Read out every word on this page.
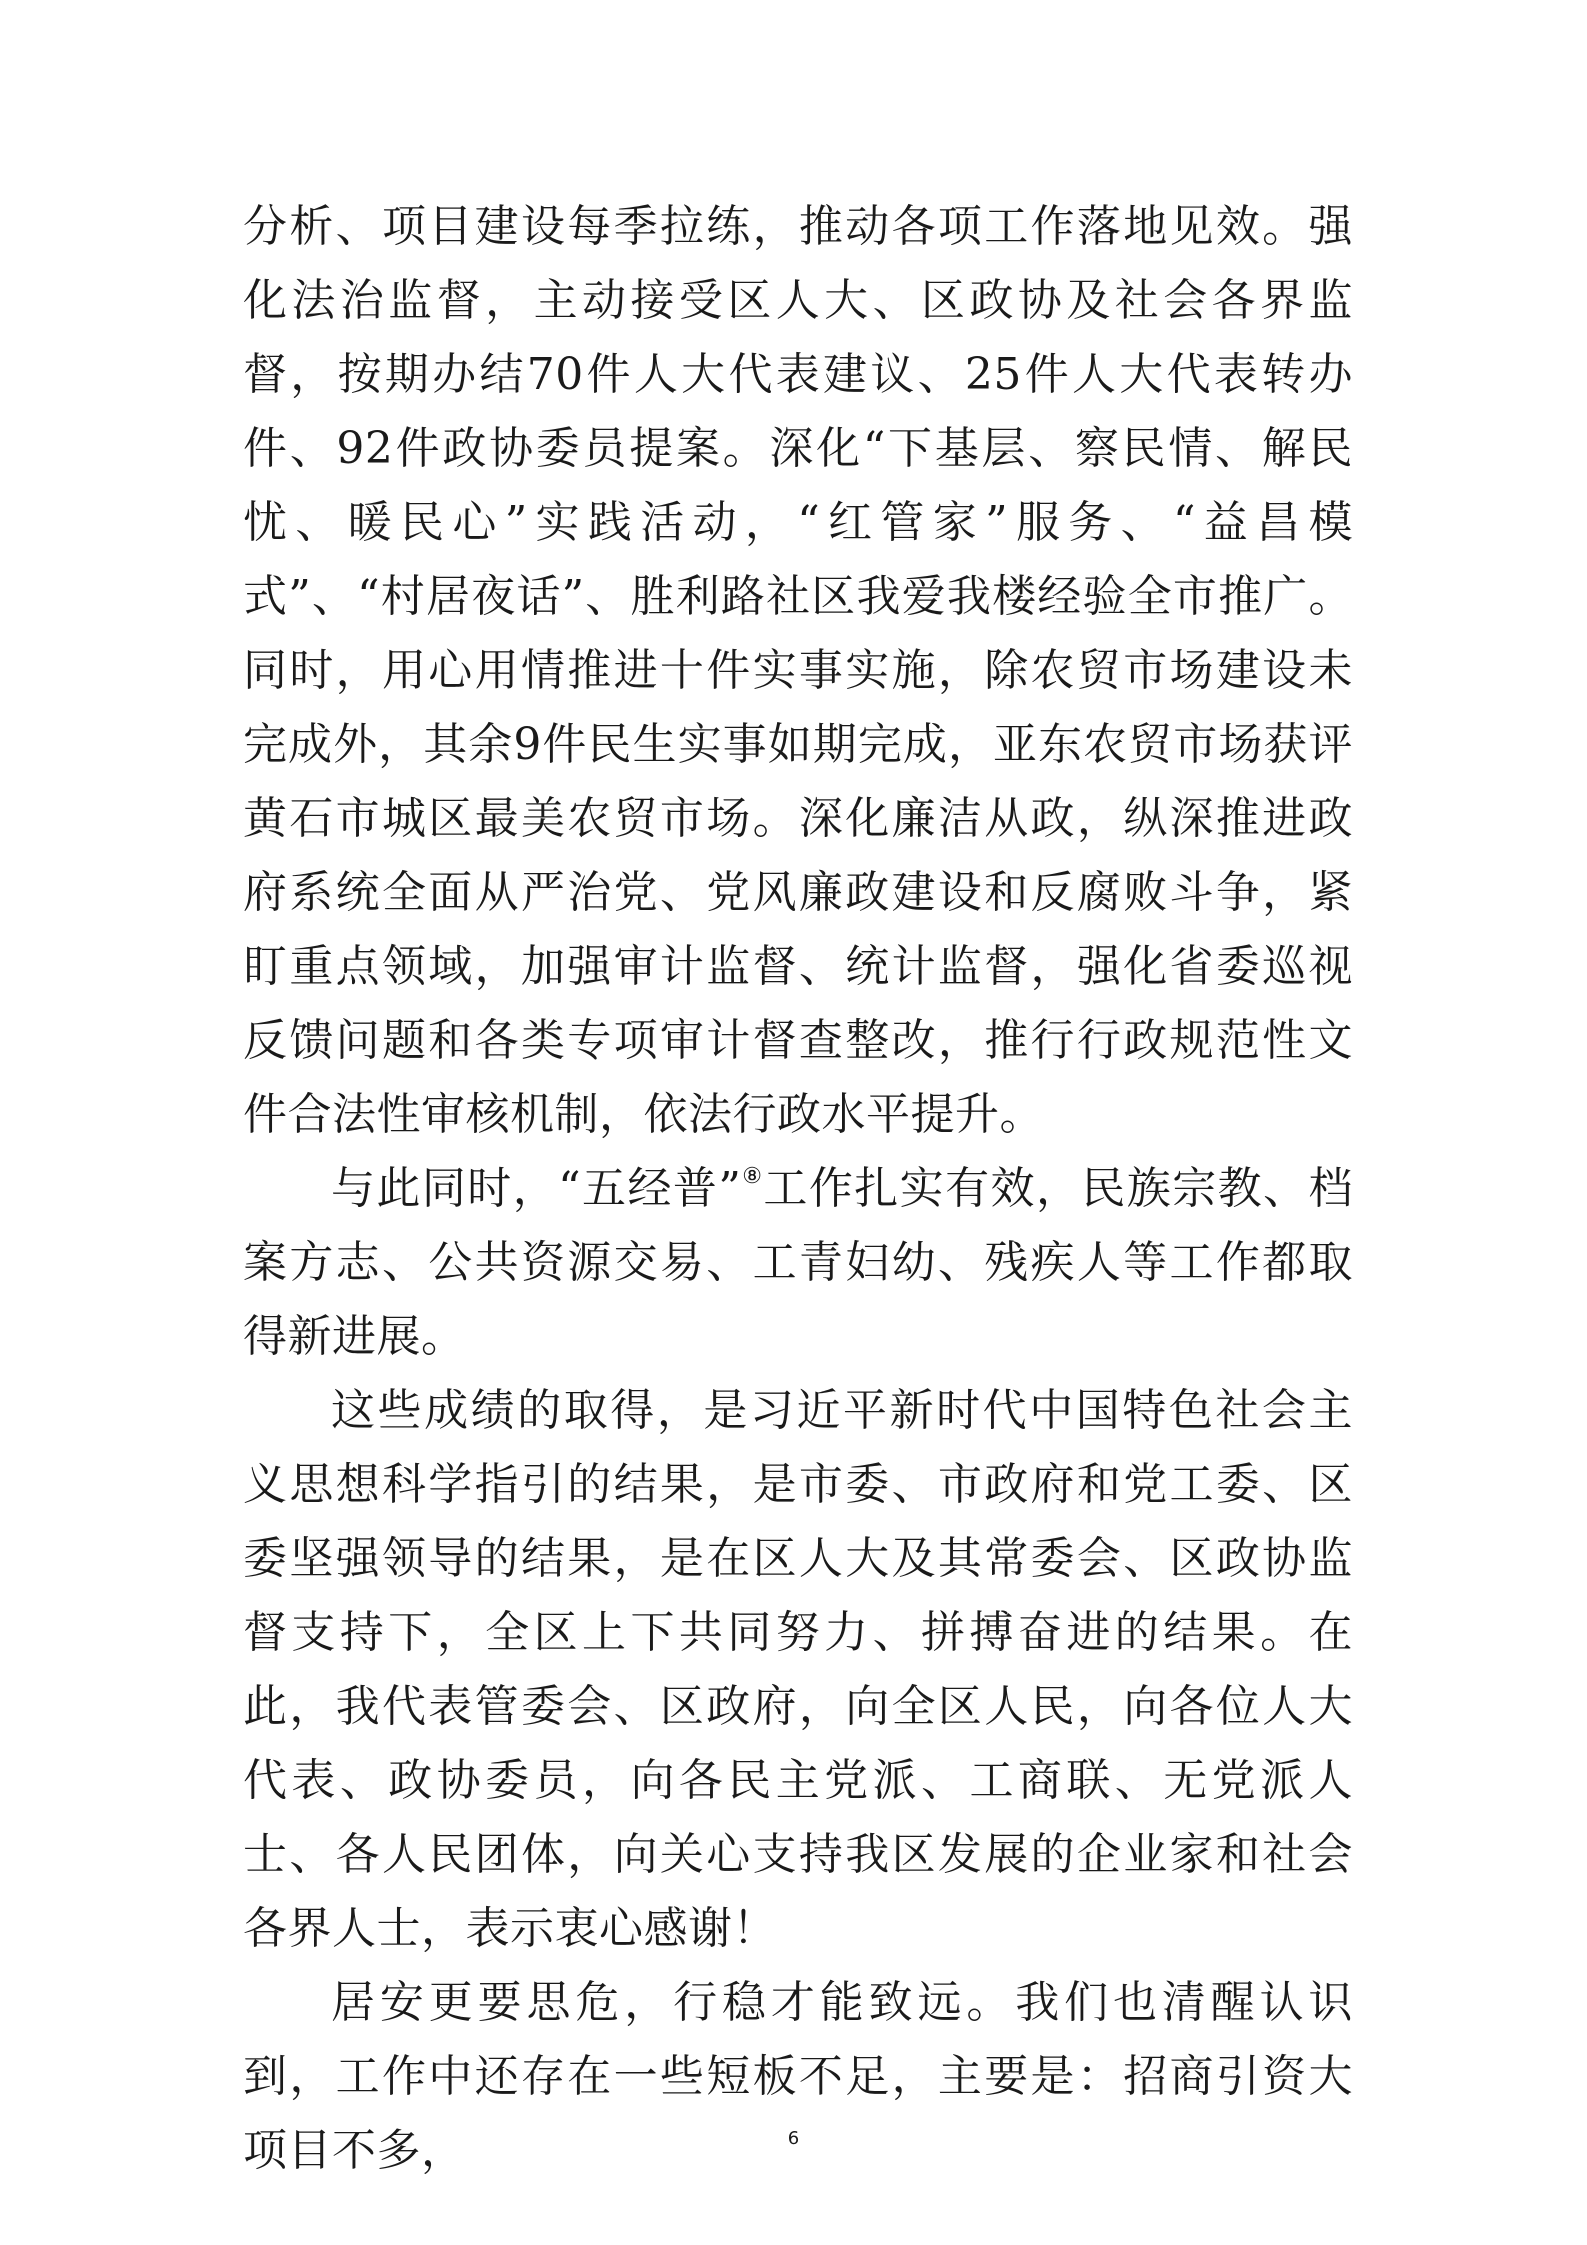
分析、项目建设每季拉练，推动各项工作落地见效。强化法治监督，主动接受区人大、区政协及社会各界监督，按期办结70件人大代表建议、25件人大代表转办件、92件政协委员提案。深化“下基层、察民情、解民忧、暖民心”实践活动，“红管家”服务、“益昌模式”、“村居夜话”、胜利路社区我爱我楼经验全市推广。同时，用心用情推进十件实事实施，除农贸市场建设未完成外，其余9件民生实事如期完成，亚东农贸市场获评黄石市城区最美农贸市场。深化廉洁从政，纵深推进政府系统全面从严治党、党风廉政建设和反腐败斗争，紧盯重点领域，加强审计监督、统计监督，强化省委巡视反馈问题和各类专项审计督查整改，推行行政规范性文件合法性审核机制，依法行政水平提升。

与此同时，“五经普”⑧工作扎实有效，民族宗教、档案方志、公共资源交易、工青妇幼、残疾人等工作都取得新进展。

这些成绩的取得，是习近平新时代中国特色社会主义思想科学指引的结果，是市委、市政府和党工委、区委坚强领导的结果，是在区人大及其常委会、区政协监督支持下，全区上下共同努力、拼搏奋进的结果。在此，我代表管委会、区政府，向全区人民，向各位人大代表、政协委员，向各民主党派、工商联、无党派人士、各人民团体，向关心支持我区发展的企业家和社会各界人士，表示衷心感谢！

居安更要思危，行稳才能致远。我们也清醒认识到，工作中还存在一些短板不足，主要是：招商引资大项目不多，	6
